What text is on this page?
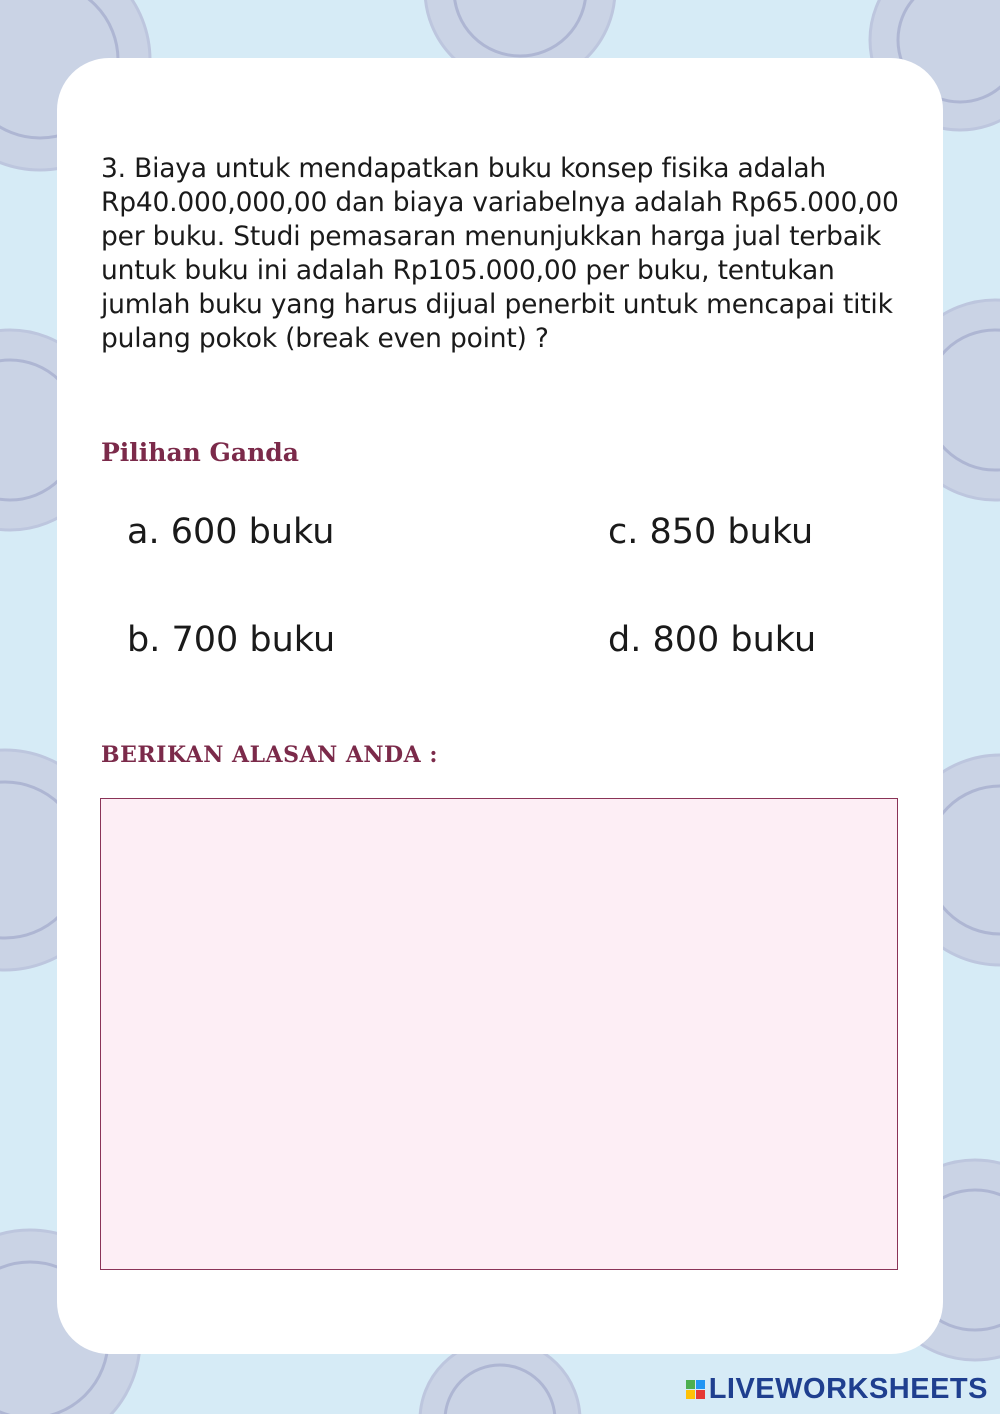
3. Biaya untuk mendapatkan buku konsep fisika adalah Rp40.000,000,00 dan biaya variabelnya adalah Rp65.000,00 per buku. Studi pemasaran menunjukkan harga jual terbaik untuk buku ini adalah Rp105.000,00 per buku, tentukan jumlah buku yang harus dijual penerbit untuk mencapai titik pulang pokok (break even point) ?

Pilihan Ganda

a. 600 buku
b. 700 buku
c. 850 buku
d. 800 buku

BERIKAN ALASAN ANDA :

LIVEWORKSHEETS
